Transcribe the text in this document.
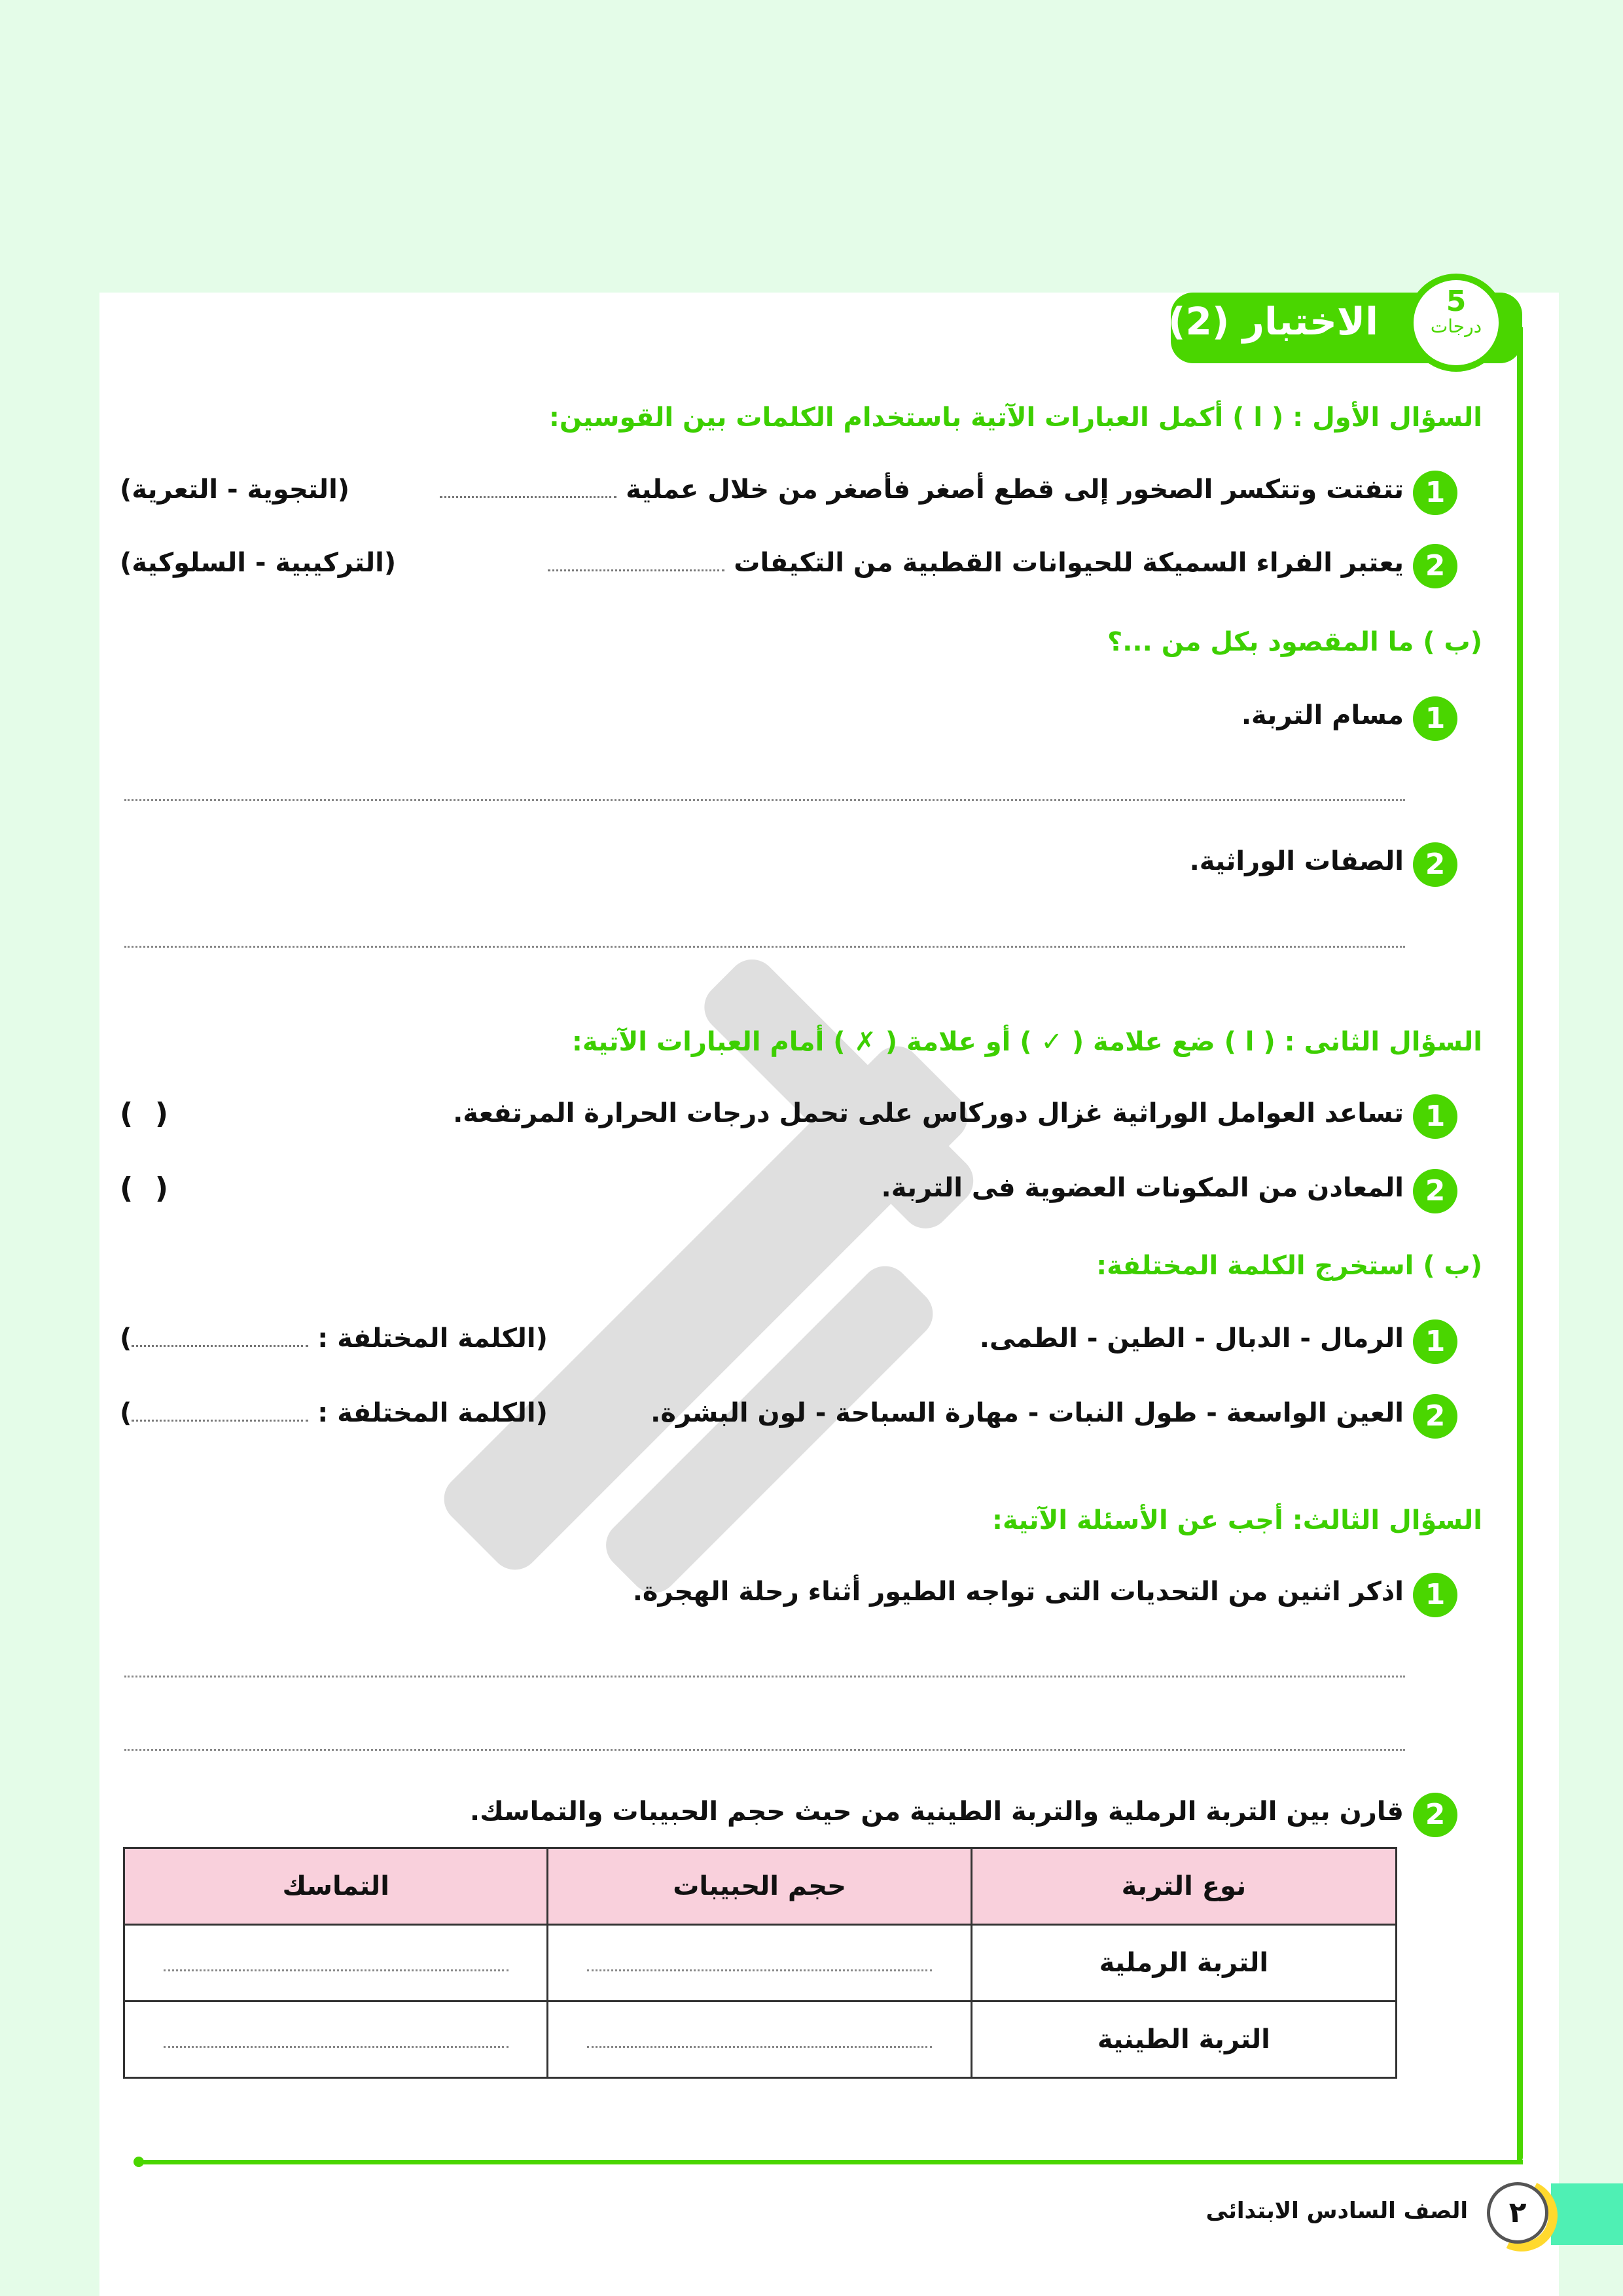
الاختبار (2)	5
درجات
السؤال الأول : ( ا ) أكمل العبارات الآتية باستخدام الكلمات بين القوسين:
1
تتفتت وتتكسر الصخور إلى قطع أصغر فأصغر من خلال عملية
(التجوية - التعرية)
2
يعتبر الفراء السميكة للحيوانات القطبية من التكيفات
(التركيبية - السلوكية)
(ب ) ما المقصود بكل من ...؟
1
مسام التربة.
2
الصفات الوراثية.
السؤال الثانى : ( ا ) ضع علامة ( ✓ ) أو علامة ( ✗ ) أمام العبارات الآتية:
1
تساعد العوامل الوراثية غزال دوركاس على تحمل درجات الحرارة المرتفعة.
( )
2
المعادن من المكونات العضوية فى التربة.
( )
(ب ) استخرج الكلمة المختلفة:
1
الرمال - الدبال - الطين - الطمى.
(الكلمة المختلفة :
)
2
العين الواسعة - طول النبات - مهارة السباحة - لون البشرة.
(الكلمة المختلفة :
)
السؤال الثالث: أجب عن الأسئلة الآتية:
1
اذكر اثنين من التحديات التى تواجه الطيور أثناء رحلة الهجرة.
2
قارن بين التربة الرملية والتربة الطينية من حيث حجم الحبيبات والتماسك.
نوع التربة	حجم الحبيبات	التماسك
التربة الرملية		
التربة الطينية		
٢
الصف السادس الابتدائى
